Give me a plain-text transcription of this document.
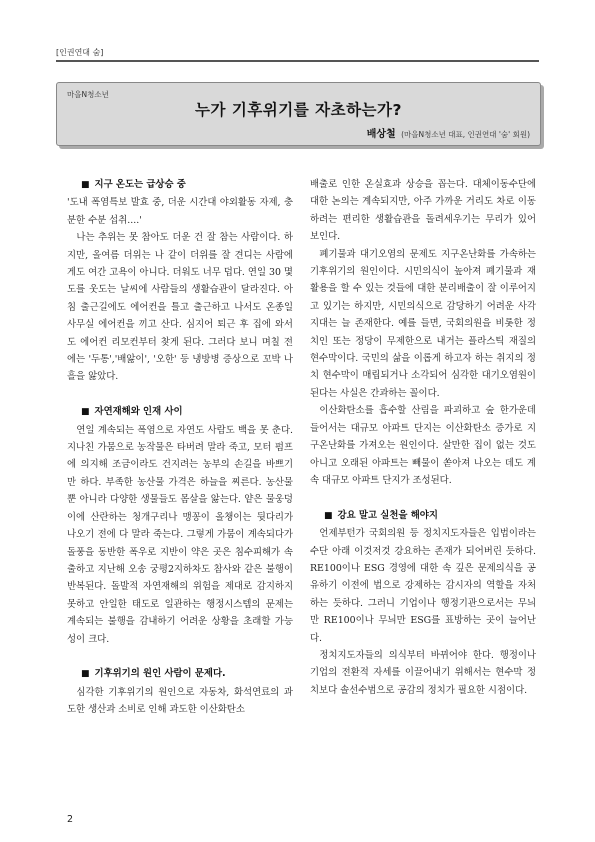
[인권연대 숨]
마을N청소년
누가 기후위기를 자초하는가?
배상철 (마을N청소년 대표, 인권연대 '숨' 회원)
■ 지구 온도는 급상승 중

'도내 폭염특보 발효 중, 더운 시간대 야외활동 자제, 충분한 수분 섭취....'

나는 추위는 못 참아도 더운 건 잘 참는 사람이다. 하지만, 올여름 더위는 나 같이 더위를 잘 견디는 사람에게도 여간 고욕이 아니다. 더워도 너무 덥다. 연일 30 몇 도를 웃도는 날씨에 사람들의 생활습관이 달라진다. 아침 출근길에도 에어컨을 틀고 출근하고 나서도 온종일 사무실 에어컨을 끼고 산다. 심지어 퇴근 후 집에 와서도 에어컨 리모컨부터 찾게 된다. 그러다 보니 며칠 전에는 '두통','배앓이', '오한' 등 냉방병 증상으로 꼬박 나흘을 앓았다.

■ 자연재해와 인재 사이

연일 계속되는 폭염으로 자연도 사람도 백을 못 춘다. 지나친 가뭄으로 농작물은 타버려 말라 죽고, 모터 펌프에 의지해 조금이라도 건지려는 농부의 손길을 바쁘기만 하다. 부족한 농산물 가격은 하늘을 찌른다. 농산물뿐 아니라 다양한 생물들도 몸살을 앓는다. 얕은 물웅덩이에 산란하는 청개구리나 맹꽁이 올챙이는 뒷다리가 나오기 전에 다 말라 죽는다. 그렇게 가뭄이 계속되다가 돌풍을 동반한 폭우로 지반이 약은 곳은 침수피해가 속출하고 지난해 오송 궁평2지하차도 참사와 같은 불행이 반복된다. 돌발적 자연재해의 위험을 제대로 감지하지 못하고 안일한 태도로 일관하는 행정시스템의 문제는 계속되는 불행을 감내하기 어려운 상황을 초래할 가능성이 크다.

■ 기후위기의 원인 사람이 문제다.

심각한 기후위기의 원인으로 자동차, 화석연료의 과도한 생산과 소비로 인해 과도한 이산화탄소

배출로 인한 온실효과 상승을 꼽는다. 대체이동수단에 대한 논의는 계속되지만, 아주 가까운 거리도 차로 이동하려는 편리한 생활습관을 돌려세우기는 무리가 있어 보인다.

폐기물과 대기오염의 문제도 지구온난화를 가속하는 기후위기의 원인이다. 시민의식이 높아져 폐기물과 재활용을 할 수 있는 것들에 대한 분리배출이 잘 이루어지고 있기는 하지만, 시민의식으로 감당하기 어려운 사각지대는 늘 존재한다. 예를 들면, 국회의원을 비롯한 정치인 또는 정당이 무제한으로 내거는 플라스틱 재질의 현수막이다. 국민의 삶을 이롭게 하고자 하는 취지의 정치 현수막이 매립되거나 소각되어 심각한 대기오염원이 된다는 사실은 간과하는 꼴이다.

이산화탄소를 흡수할 산림을 파괴하고 숲 한가운데 들어서는 대규모 아파트 단지는 이산화탄소 증가로 지구온난화를 가져오는 원인이다. 살만한 집이 없는 것도 아니고 오래된 아파트는 빼물이 쏟아져 나오는 데도 계속 대규모 아파트 단지가 조성된다.

■ 강요 말고 실천을 해야지

언제부턴가 국회의원 등 정치지도자들은 입법이라는 수단 아래 이것저것 강요하는 존재가 되어버린 듯하다. RE100이나 ESG 경영에 대한 속 깊은 문제의식을 공유하기 이전에 법으로 강제하는 감시자의 역할을 자처하는 듯하다. 그러니 기업이나 행정기관으로서는 무늬만 RE100이나 무늬만 ESG를 표방하는 곳이 늘어난다.

정치지도자들의 의식부터 바뀌어야 한다. 행정이나 기업의 전환적 자세를 이끌어내기 위해서는 현수막 정치보다 솔선수범으로 공감의 정치가 필요한 시점이다.

2
